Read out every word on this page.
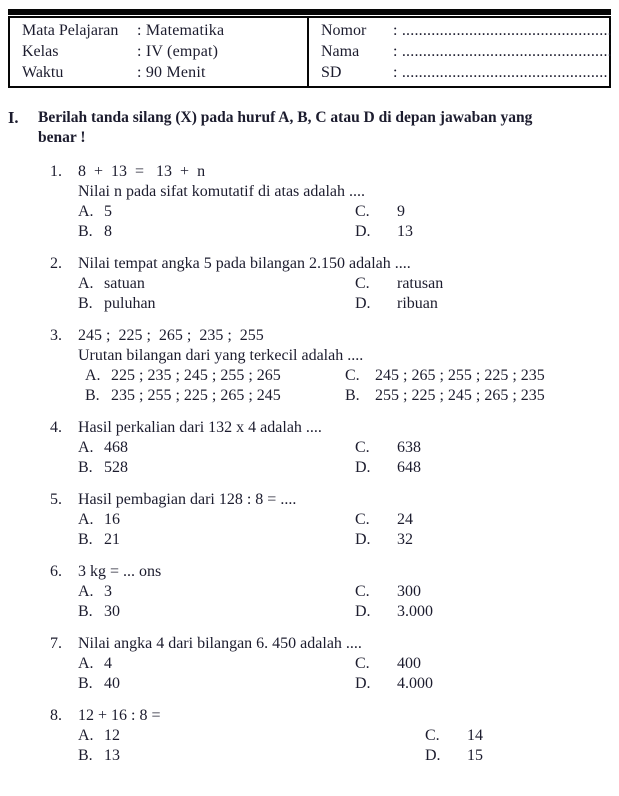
Mata Pelajaran : Matematika
Kelas	: IV (empat)
Waktu	: 90 Menit
Nomor : ..................................................
Nama : ..................................................
SD	: .................................................
I.	Berilah tanda silang (X) pada huruf A, B, C atau D di depan jawaban yang benar !
1.	8  +  13  =   13  +  n
Nilai n pada sifat komutatif di atas adalah ....
A. 5	C.	9
B. 8	D.	13
2.	Nilai tempat angka 5 pada bilangan 2.150 adalah ....
A. satuan	C.	ratusan
B. puluhan	D.	ribuan
3.	245 ;  225 ;  265 ;  235 ;  255
Urutan bilangan dari yang terkecil adalah ....
A. 225 ; 235 ; 245 ; 255 ; 265	C. 245 ; 265 ; 255 ; 225 ; 235
B. 235 ; 255 ; 225 ; 265 ; 245	B. 255 ; 225 ; 245 ; 265 ; 235
4.	Hasil perkalian dari 132 x 4 adalah ....
A. 468	C.	638
B. 528	D.	648
5.	Hasil pembagian dari 128 : 8 = ....
A. 16	C.	24
B. 21	D.	32
6.	3 kg = ... ons
A. 3	C.	300
B. 30	D.	3.000
7.	Nilai angka 4 dari bilangan 6. 450 adalah ....
A. 4	C.	400
B. 40	D.	4.000
8.	12 + 16 : 8 =
A. 12	C.	14
B. 13	D.	15
